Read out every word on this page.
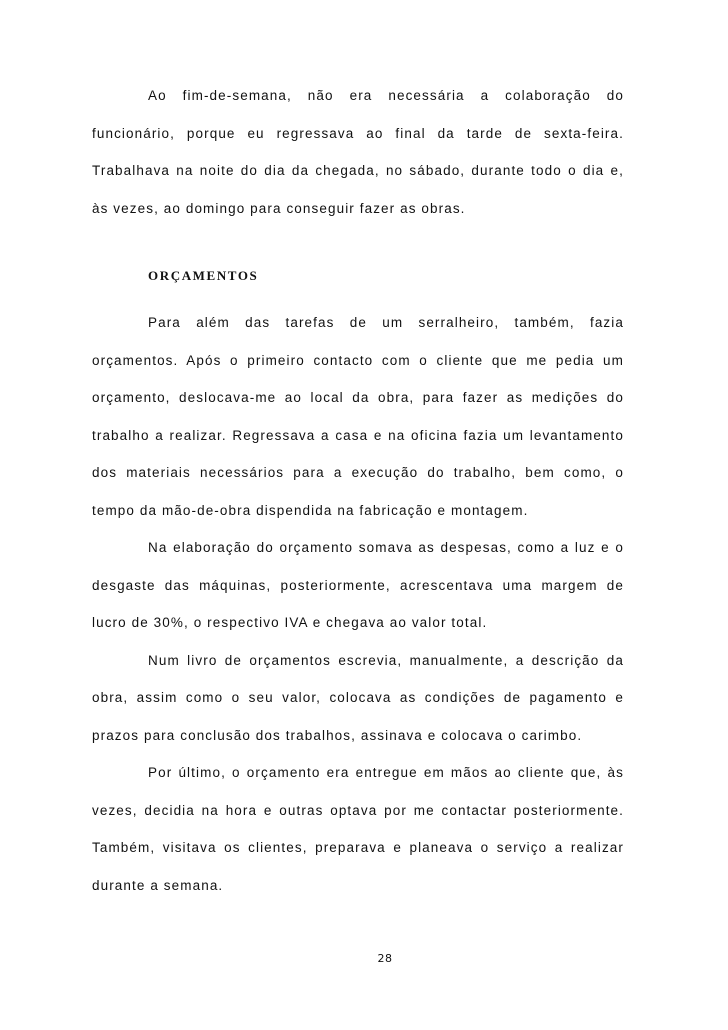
Ao fim-de-semana, não era necessária a colaboração do funcionário, porque eu regressava ao final da tarde de sexta-feira. Trabalhava na noite do dia da chegada, no sábado, durante todo o dia e, às vezes, ao domingo para conseguir fazer as obras.

ORÇAMENTOS

Para além das tarefas de um serralheiro, também, fazia orçamentos. Após o primeiro contacto com o cliente que me pedia um orçamento, deslocava-me ao local da obra, para fazer as medições do trabalho a realizar. Regressava a casa e na oficina fazia um levantamento dos materiais necessários para a execução do trabalho, bem como, o tempo da mão-de-obra dispendida na fabricação e montagem.

Na elaboração do orçamento somava as despesas, como a luz e o desgaste das máquinas, posteriormente, acrescentava uma margem de lucro de 30%, o respectivo IVA e chegava ao valor total.

Num livro de orçamentos escrevia, manualmente, a descrição da obra, assim como o seu valor, colocava as condições de pagamento e prazos para conclusão dos trabalhos, assinava e colocava o carimbo.

Por último, o orçamento era entregue em mãos ao cliente que, às vezes, decidia na hora e outras optava por me contactar posteriormente. Também, visitava os clientes, preparava e planeava o serviço a realizar durante a semana.

28
